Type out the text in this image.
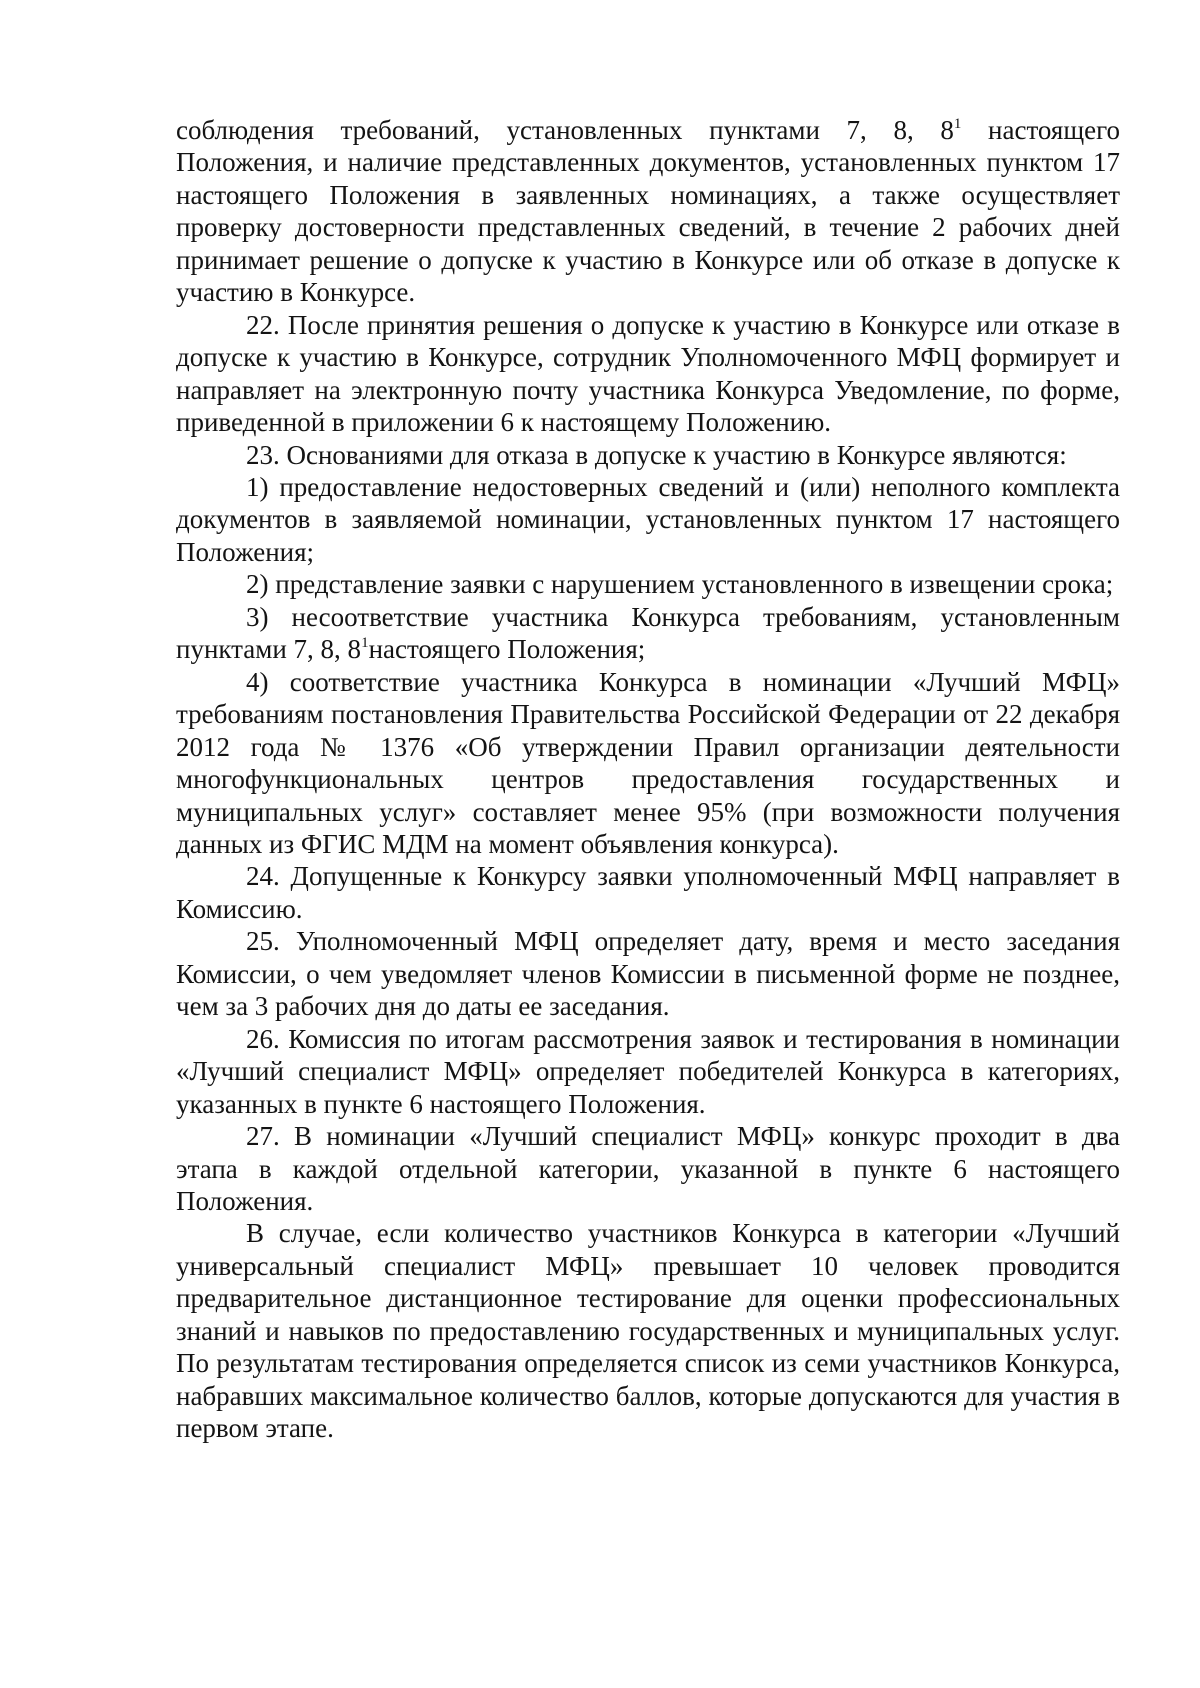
соблюдения требований, установленных пунктами 7, 8, $8^1$ настоящего Положения, и наличие представленных документов, установленных пунктом 17 настоящего Положения в заявленных номинациях, а также осуществляет проверку достоверности представленных сведений, в течение 2 рабочих дней принимает решение о допуске к участию в Конкурсе или об отказе в допуске к участию в Конкурсе.

22. После принятия решения о допуске к участию в Конкурсе или отказе в допуске к участию в Конкурсе, сотрудник Уполномоченного МФЦ формирует и направляет на электронную почту участника Конкурса Уведомление, по форме, приведенной в приложении 6 к настоящему Положению.

23. Основаниями для отказа в допуске к участию в Конкурсе являются:

1) предоставление недостоверных сведений и (или) неполного комплекта документов в заявляемой номинации, установленных пунктом 17 настоящего Положения;

2) представление заявки с нарушением установленного в извещении срока;

3) несоответствие участника Конкурса требованиям, установленным пунктами 7, 8, $8^1настоящего$ Положения;

4) соответствие участника Конкурса в номинации «Лучший МФЦ» требованиям постановления Правительства Российской Федерации от 22 декабря 2012 года № 1376 «Об утверждении Правил организации деятельности многофункциональных центров предоставления государственных и муниципальных услуг» составляет менее 95% (при возможности получения данных из ФГИС МДМ на момент объявления конкурса).

24. Допущенные к Конкурсу заявки уполномоченный МФЦ направляет в Комиссию.

25. Уполномоченный МФЦ определяет дату, время и место заседания Комиссии, о чем уведомляет членов Комиссии в письменной форме не позднее, чем за 3 рабочих дня до даты ее заседания.

26. Комиссия по итогам рассмотрения заявок и тестирования в номинации «Лучший специалист МФЦ» определяет победителей Конкурса в категориях, указанных в пункте 6 настоящего Положения.

27. В номинации «Лучший специалист МФЦ» конкурс проходит в два этапа в каждой отдельной категории, указанной в пункте 6 настоящего Положения.

В случае, если количество участников Конкурса в категории «Лучший универсальный специалист МФЦ» превышает 10 человек проводится предварительное дистанционное тестирование для оценки профессиональных знаний и навыков по предоставлению государственных и муниципальных услуг. По результатам тестирования определяется список из семи участников Конкурса, набравших максимальное количество баллов, которые допускаются для участия в первом этапе.
